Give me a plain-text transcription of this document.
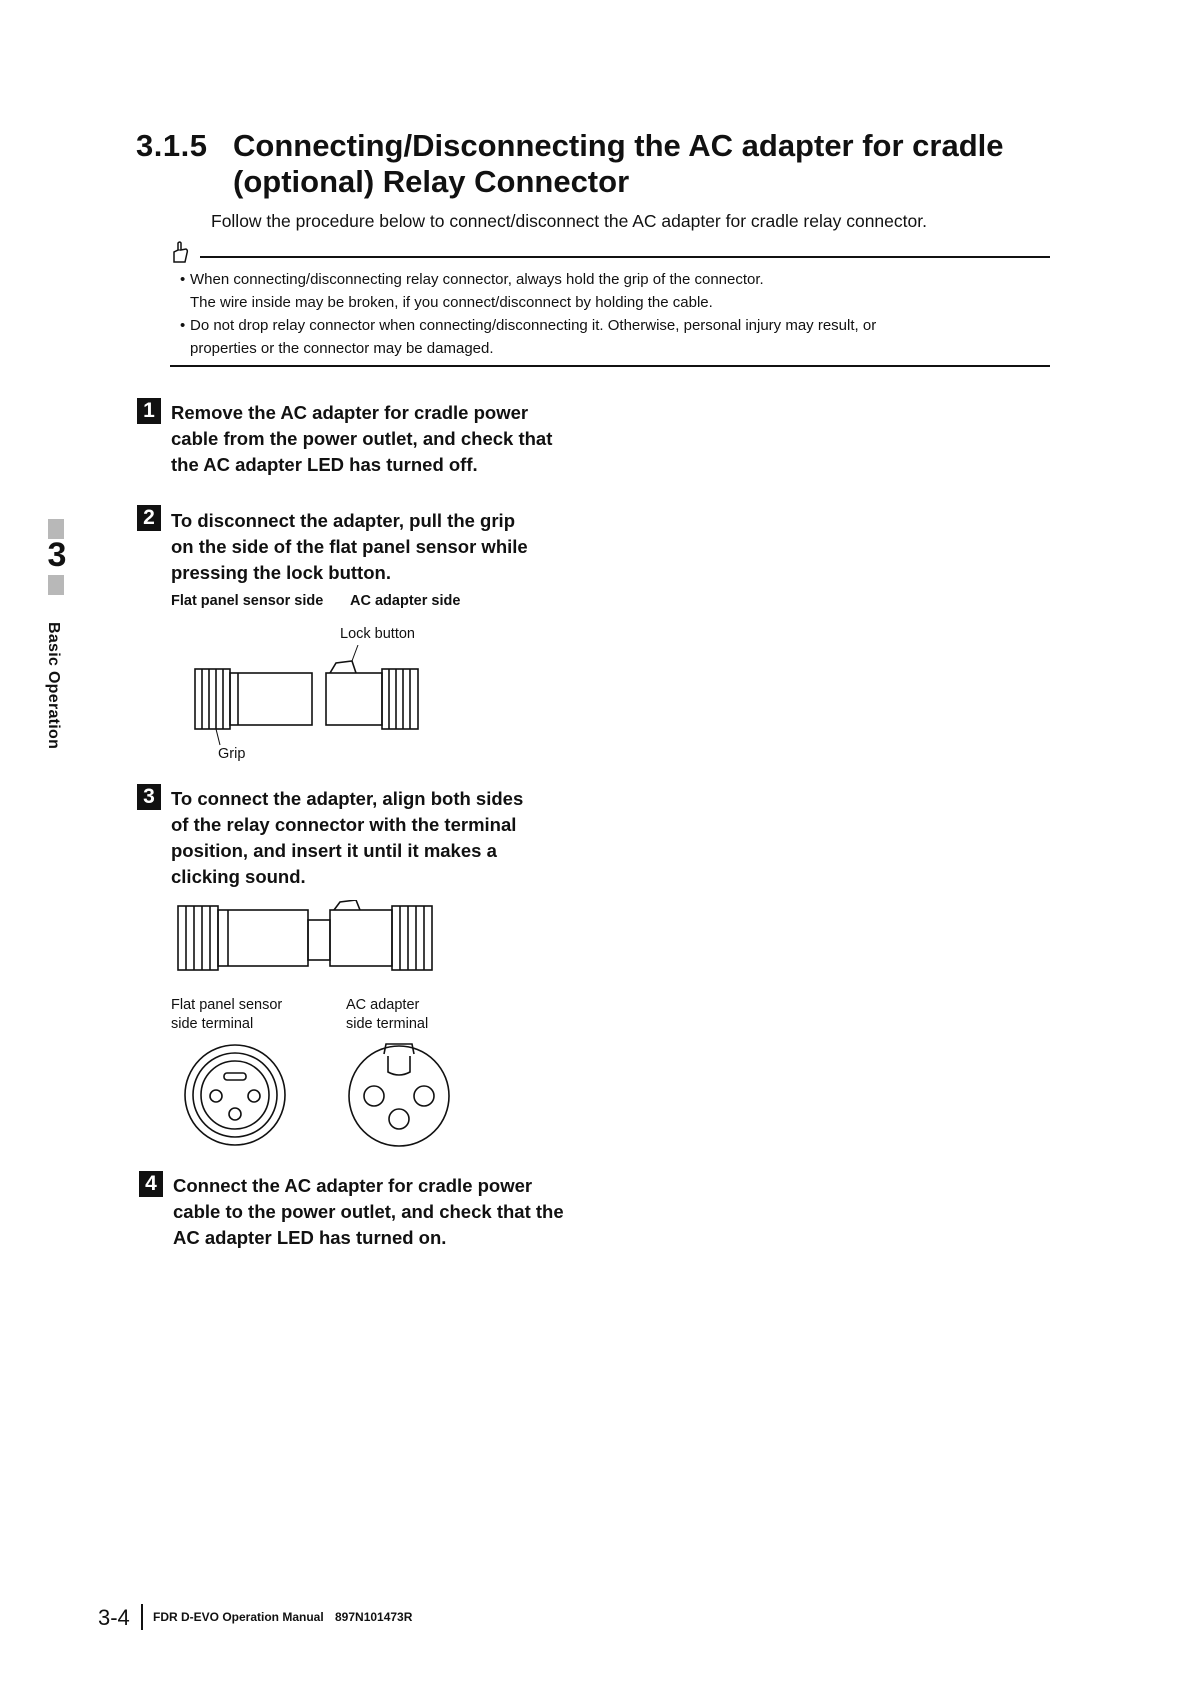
3
Basic Operation
3.1.5 Connecting/Disconnecting the AC adapter for cradle
(optional) Relay Connector
Follow the procedure below to connect/disconnect the AC adapter for cradle relay connector.
• When connecting/disconnecting relay connector, always hold the grip of the connector.
The wire inside may be broken, if you connect/disconnect by holding the cable.
• Do not drop relay connector when connecting/disconnecting it. Otherwise, personal injury may result, or
properties or the connector may be damaged.
1 Remove the AC adapter for cradle power
cable from the power outlet, and check that
the AC adapter LED has turned off.
2 To disconnect the adapter, pull the grip
on the side of the flat panel sensor while
pressing the lock button.
Flat panel sensor side AC adapter side
Lock button
Grip
3 To connect the adapter, align both sides
of the relay connector with the terminal
position, and insert it until it makes a
clicking sound.
Flat panel sensor
side terminal
AC adapter
side terminal
4 Connect the AC adapter for cradle power
cable to the power outlet, and check that the
AC adapter LED has turned on.
3-4 FDR D-EVO Operation Manual 897N101473R
